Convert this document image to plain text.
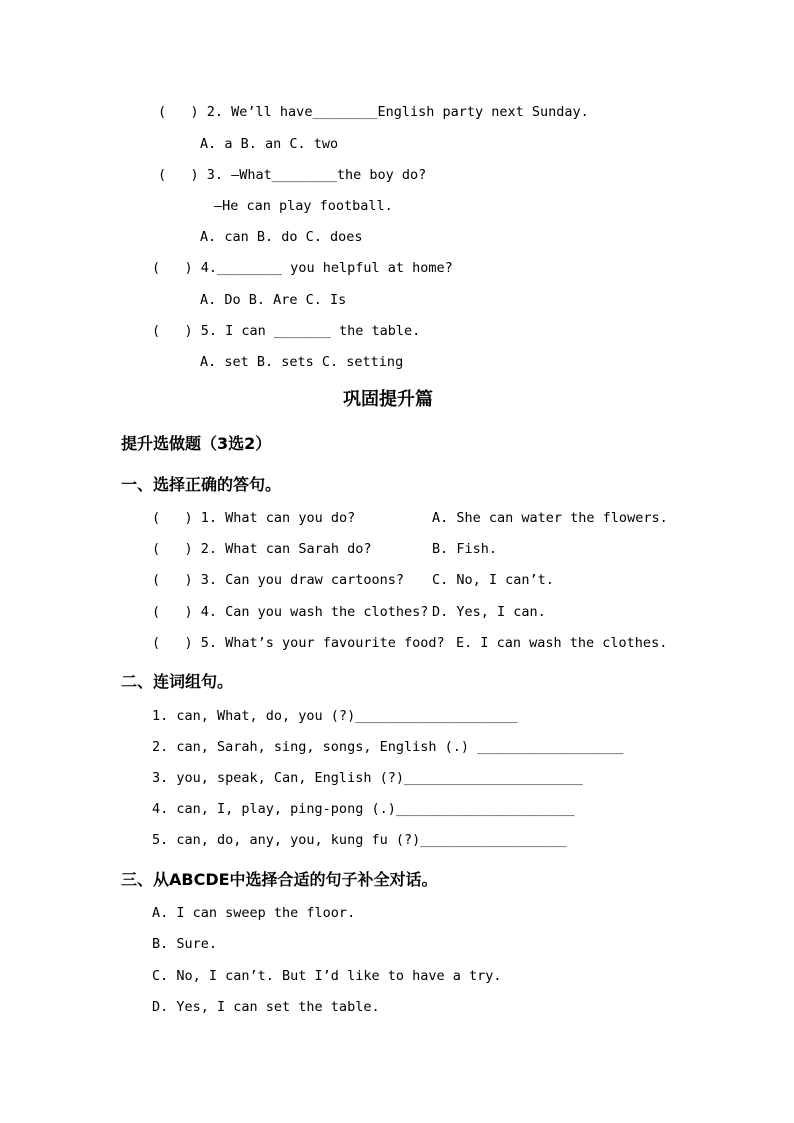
(   ) 2. We’ll have________English party next Sunday.
A. a B. an C. two
(   ) 3. —What________the boy do?
—He can play football.
A. can B. do C. does
(   ) 4.________ you helpful at home?
A. Do B. Are C. Is
(   ) 5. I can _______ the table.
A. set B. sets C. setting
巩固提升篇
提升选做题（3选2）
一、选择正确的答句。
(   ) 1. What can you do?	A. She can water the flowers.
(   ) 2. What can Sarah do?	B. Fish.
(   ) 3. Can you draw cartoons? C. No, I can’t.
(   ) 4. Can you wash the clothes? D. Yes, I can.
(   ) 5. What’s your favourite food? E. I can wash the clothes.
二、连词组句。
1. can, What, do, you (?)____________________
2. can, Sarah, sing, songs, English (.) __________________
3. you, speak, Can, English (?)______________________
4. can, I, play, ping-pong (.)______________________
5. can, do, any, you, kung fu (?)__________________
三、从ABCDE中选择合适的句子补全对话。
A. I can sweep the floor.
B. Sure.
C. No, I can’t. But I’d like to have a try.
D. Yes, I can set the table.
